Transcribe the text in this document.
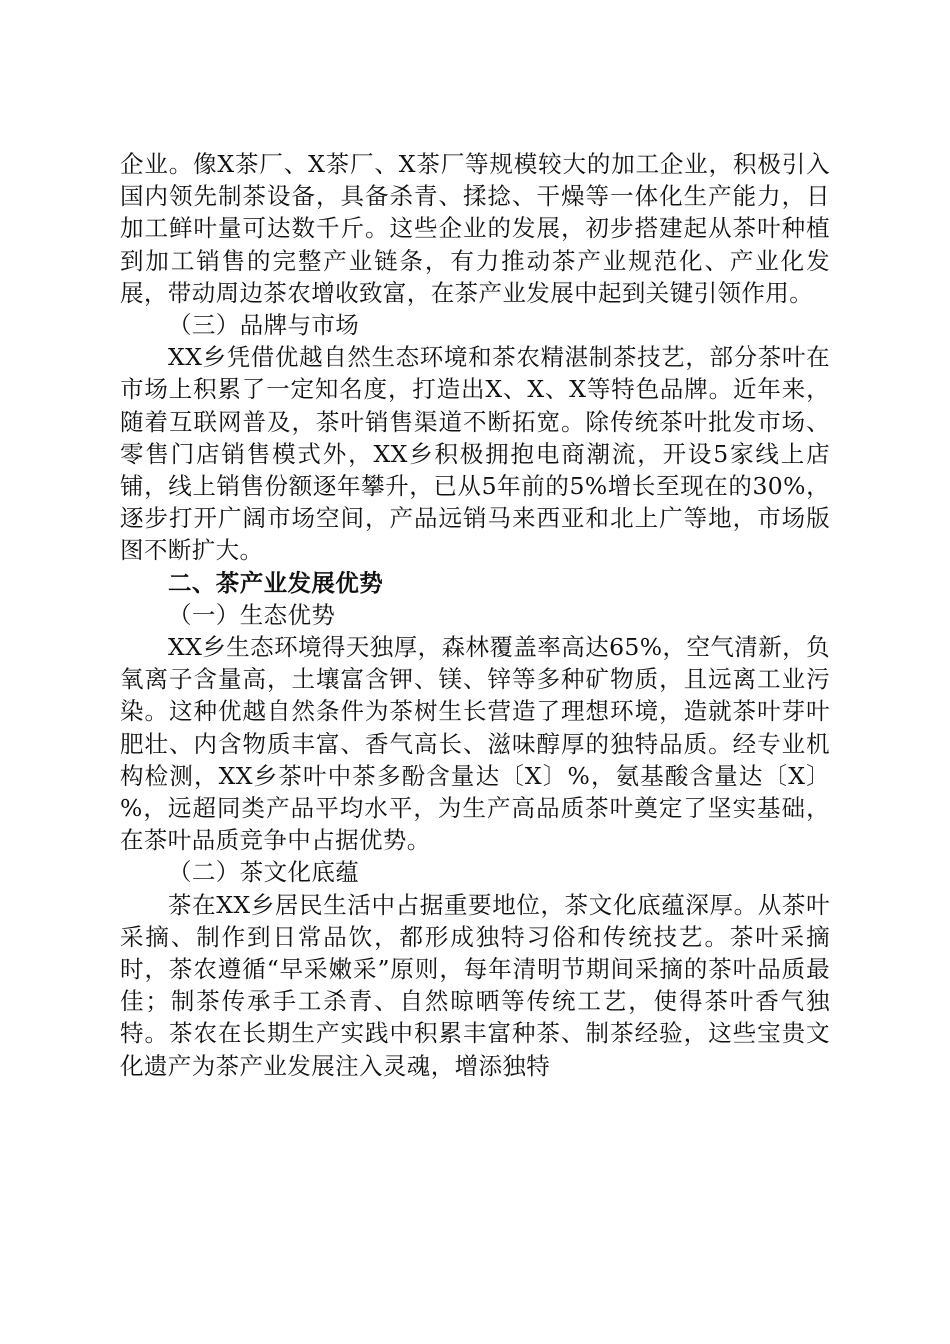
企业。像X茶厂、X茶厂、X茶厂等规模较大的加工企业，积极引入国内领先制茶设备，具备杀青、揉捻、干燥等一体化生产能力，日加工鲜叶量可达数千斤。这些企业的发展，初步搭建起从茶叶种植到加工销售的完整产业链条，有力推动茶产业规范化、产业化发展，带动周边茶农增收致富，在茶产业发展中起到关键引领作用。

（三）品牌与市场

XX乡凭借优越自然生态环境和茶农精湛制茶技艺，部分茶叶在市场上积累了一定知名度，打造出X、X、X等特色品牌。近年来，随着互联网普及，茶叶销售渠道不断拓宽。除传统茶叶批发市场、零售门店销售模式外，XX乡积极拥抱电商潮流，开设5家线上店铺，线上销售份额逐年攀升，已从5年前的5%增长至现在的30%，逐步打开广阔市场空间，产品远销马来西亚和北上广等地，市场版图不断扩大。

二、茶产业发展优势

（一）生态优势

XX乡生态环境得天独厚，森林覆盖率高达65%，空气清新，负氧离子含量高，土壤富含钾、镁、锌等多种矿物质，且远离工业污染。这种优越自然条件为茶树生长营造了理想环境，造就茶叶芽叶肥壮、内含物质丰富、香气高长、滋味醇厚的独特品质。经专业机构检测，XX乡茶叶中茶多酚含量达〔X〕%，氨基酸含量达〔X〕%，远超同类产品平均水平，为生产高品质茶叶奠定了坚实基础，在茶叶品质竞争中占据优势。

（二）茶文化底蕴

茶在XX乡居民生活中占据重要地位，茶文化底蕴深厚。从茶叶采摘、制作到日常品饮，都形成独特习俗和传统技艺。茶叶采摘时，茶农遵循“早采嫩采”原则，每年清明节期间采摘的茶叶品质最佳；制茶传承手工杀青、自然晾晒等传统工艺，使得茶叶香气独特。茶农在长期生产实践中积累丰富种茶、制茶经验，这些宝贵文化遗产为茶产业发展注入灵魂，增添独特
